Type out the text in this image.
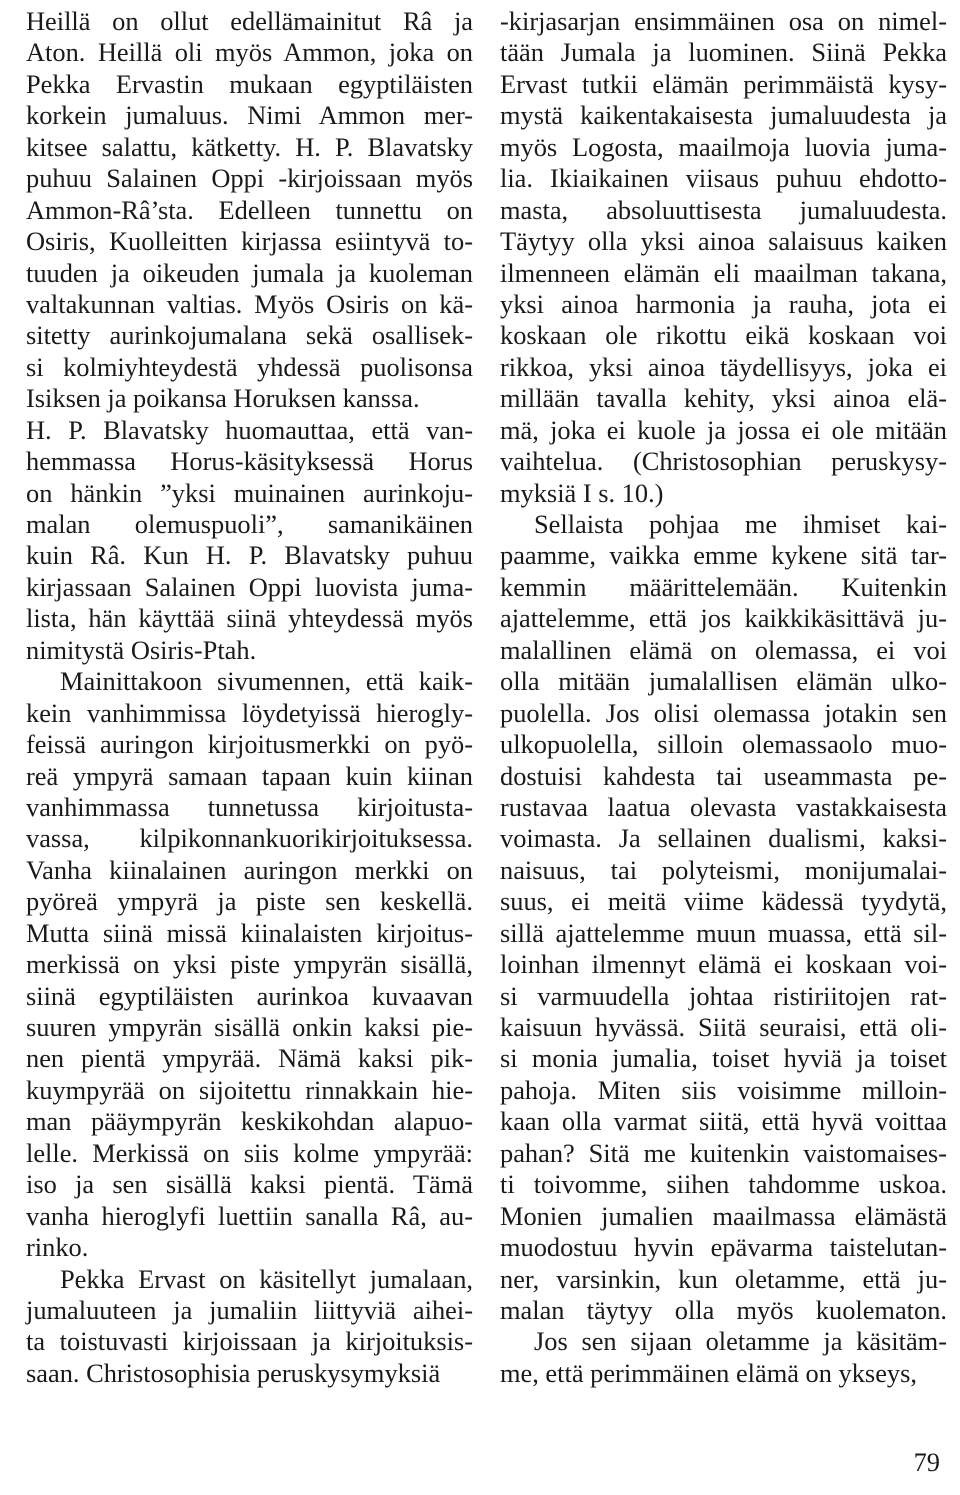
Heillä on ollut edellämainitut Râ ja
Aton. Heillä oli myös Ammon, joka on
Pekka Ervastin mukaan egyptiläisten
korkein jumaluus. Nimi Ammon mer-
kitsee salattu, kätketty. H. P. Blavatsky
puhuu Salainen Oppi -kirjoissaan myös
Ammon-Râ’sta. Edelleen tunnettu on
Osiris, Kuolleitten kirjassa esiintyvä to-
tuuden ja oikeuden jumala ja kuoleman
valtakunnan valtias. Myös Osiris on kä-
sitetty aurinkojumalana sekä osallisek-
si kolmiyhteydestä yhdessä puolisonsa
Isiksen ja poikansa Horuksen kanssa.
H. P. Blavatsky huomauttaa, että van-
hemmassa Horus-käsityksessä Horus
on hänkin ”yksi muinainen aurinkoju-
malan olemuspuoli”, samanikäinen
kuin Râ. Kun H. P. Blavatsky puhuu
kirjassaan Salainen Oppi luovista juma-
lista, hän käyttää siinä yhteydessä myös
nimitystä Osiris-Ptah.
Mainittakoon sivumennen, että kaik-
kein vanhimmissa löydetyissä hierogly-
feissä auringon kirjoitusmerkki on pyö-
reä ympyrä samaan tapaan kuin kiinan
vanhimmassa tunnetussa kirjoitusta-
vassa, kilpikonnankuorikirjoituksessa.
Vanha kiinalainen auringon merkki on
pyöreä ympyrä ja piste sen keskellä.
Mutta siinä missä kiinalaisten kirjoitus-
merkissä on yksi piste ympyrän sisällä,
siinä egyptiläisten aurinkoa kuvaavan
suuren ympyrän sisällä onkin kaksi pie-
nen pientä ympyrää. Nämä kaksi pik-
kuympyrää on sijoitettu rinnakkain hie-
man pääympyrän keskikohdan alapuo-
lelle. Merkissä on siis kolme ympyrää:
iso ja sen sisällä kaksi pientä. Tämä
vanha hieroglyfi luettiin sanalla Râ, au-
rinko.
Pekka Ervast on käsitellyt jumalaan,
jumaluuteen ja jumaliin liittyviä aihei-
ta toistuvasti kirjoissaan ja kirjoituksis-
saan. Christosophisia peruskysymyksiä
-kirjasarjan ensimmäinen osa on nimel-
tään Jumala ja luominen. Siinä Pekka
Ervast tutkii elämän perimmäistä kysy-
mystä kaikentakaisesta jumaluudesta ja
myös Logosta, maailmoja luovia juma-
lia. Ikiaikainen viisaus puhuu ehdotto-
masta, absoluuttisesta jumaluudesta.
Täytyy olla yksi ainoa salaisuus kaiken
ilmenneen elämän eli maailman takana,
yksi ainoa harmonia ja rauha, jota ei
koskaan ole rikottu eikä koskaan voi
rikkoa, yksi ainoa täydellisyys, joka ei
millään tavalla kehity, yksi ainoa elä-
mä, joka ei kuole ja jossa ei ole mitään
vaihtelua. (Christosophian peruskysy-
myksiä I s. 10.)
Sellaista pohjaa me ihmiset kai-
paamme, vaikka emme kykene sitä tar-
kemmin määrittelemään. Kuitenkin
ajattelemme, että jos kaikkikäsittävä ju-
malallinen elämä on olemassa, ei voi
olla mitään jumalallisen elämän ulko-
puolella. Jos olisi olemassa jotakin sen
ulkopuolella, silloin olemassaolo muo-
dostuisi kahdesta tai useammasta pe-
rustavaa laatua olevasta vastakkaisesta
voimasta. Ja sellainen dualismi, kaksi-
naisuus, tai polyteismi, monijumalai-
suus, ei meitä viime kädessä tyydytä,
sillä ajattelemme muun muassa, että sil-
loinhan ilmennyt elämä ei koskaan voi-
si varmuudella johtaa ristiriitojen rat-
kaisuun hyvässä. Siitä seuraisi, että oli-
si monia jumalia, toiset hyviä ja toiset
pahoja. Miten siis voisimme milloin-
kaan olla varmat siitä, että hyvä voittaa
pahan? Sitä me kuitenkin vaistomaises-
ti toivomme, siihen tahdomme uskoa.
Monien jumalien maailmassa elämästä
muodostuu hyvin epävarma taistelutan-
ner, varsinkin, kun oletamme, että ju-
malan täytyy olla myös kuolematon.
Jos sen sijaan oletamme ja käsitäm-
me, että perimmäinen elämä on ykseys,
79
